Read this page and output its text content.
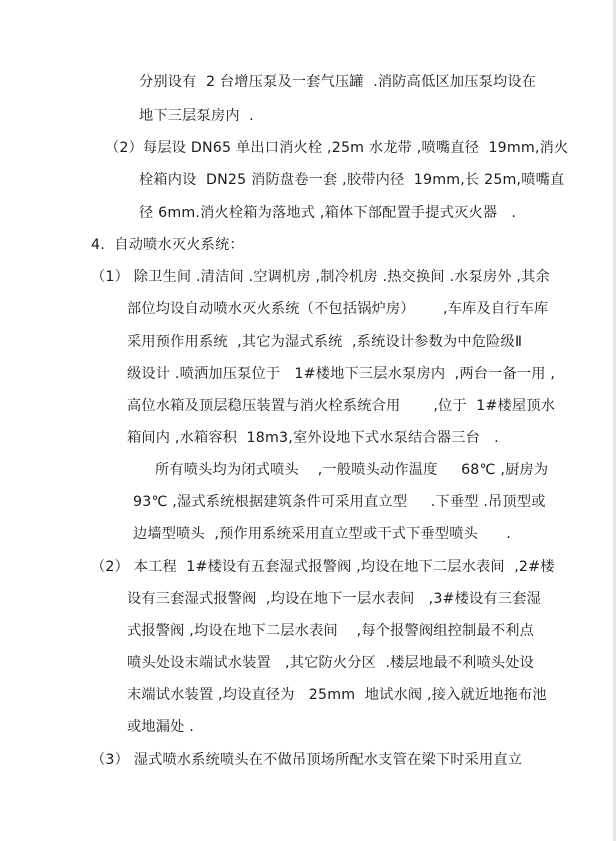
分别设有  2 台增压泵及一套气压罐  .消防高低区加压泵均设在
地下三层泵房内  .
（2）每层设 DN65 单出口消火栓 ,25m 水龙带 ,喷嘴直径  19mm,消火
栓箱内设  DN25 消防盘卷一套 ,胶带内径  19mm,长 25m,喷嘴直
径 6mm.消火栓箱为落地式 ,箱体下部配置手提式灭火器   .
4.  自动喷水灭火系统：
（1） 除卫生间 .清洁间 .空调机房 ,制冷机房 .热交换间 .水泵房外 ,其余
部位均设自动喷水灭火系统（不包括锅炉房）      ,车库及自行车库
采用预作用系统  ,其它为湿式系统  ,系统设计参数为中危险级Ⅱ
级设计 .喷洒加压泵位于   1#楼地下三层水泵房内  ,两台一备一用 ,
高位水箱及顶层稳压装置与消火栓系统合用       ,位于  1#楼屋顶水
箱间内 ,水箱容积  18m3,室外设地下式水泵结合器三台   .
所有喷头均为闭式喷头    ,一般喷头动作温度     68℃ ,厨房为
93℃ ,湿式系统根据建筑条件可采用直立型     .下垂型 .吊顶型或
边墙型喷头  ,预作用系统采用直立型或干式下垂型喷头      .
（2） 本工程  1#楼设有五套湿式报警阀 ,均设在地下二层水表间  ,2#楼
设有三套湿式报警阀  ,均设在地下一层水表间   ,3#楼设有三套湿
式报警阀 ,均设在地下二层水表间    ,每个报警阀组控制最不利点
喷头处设末端试水装置   ,其它防火分区  .楼层地最不利喷头处设
末端试水装置 ,均设直径为   25mm  地试水阀 ,接入就近地拖布池
或地漏处 .
（3） 湿式喷水系统喷头在不做吊顶场所配水支管在梁下时采用直立
